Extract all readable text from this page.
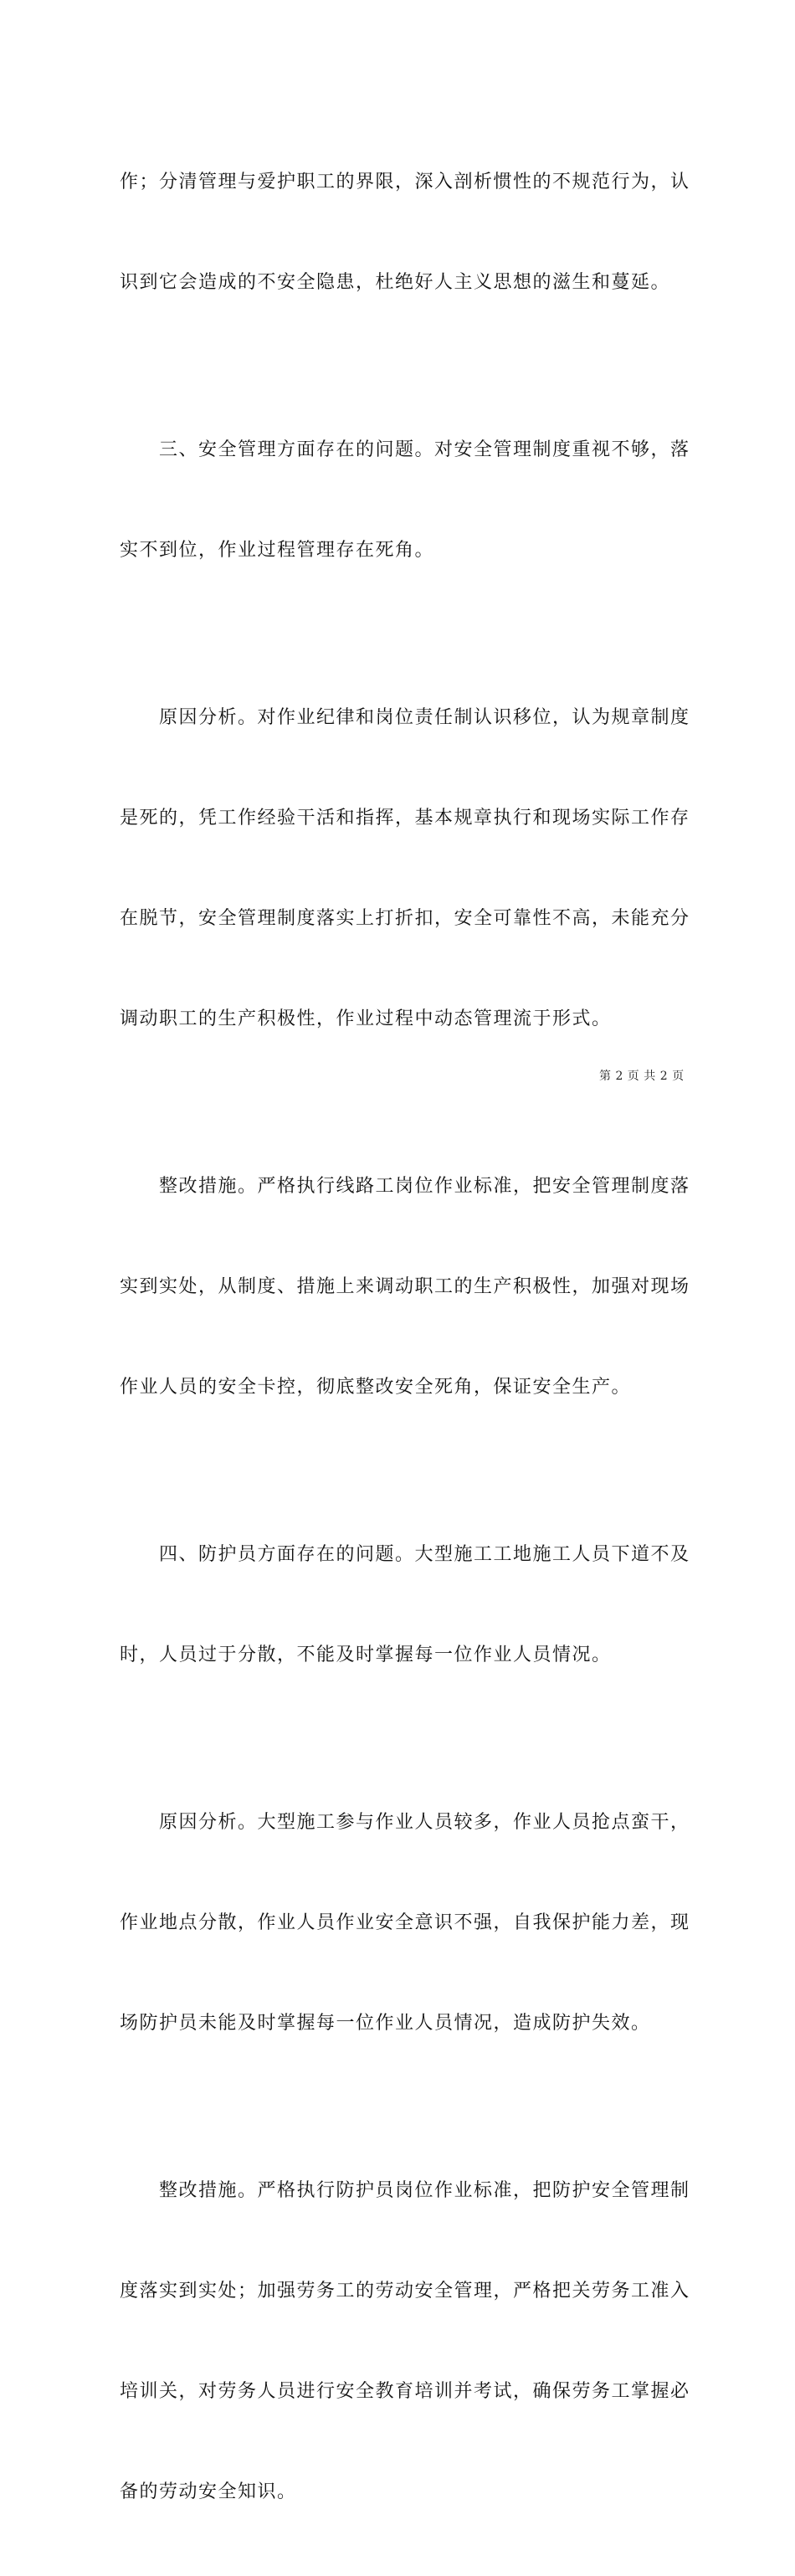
作；分清管理与爱护职工的界限，深入剖析惯性的不规范行为，认

识到它会造成的不安全隐患，杜绝好人主义思想的滋生和蔓延。

　　三、安全管理方面存在的问题。对安全管理制度重视不够，落

实不到位，作业过程管理存在死角。

　　原因分析。对作业纪律和岗位责任制认识移位，认为规章制度

是死的，凭工作经验干活和指挥，基本规章执行和现场实际工作存

在脱节，安全管理制度落实上打折扣，安全可靠性不高，未能充分

调动职工的生产积极性，作业过程中动态管理流于形式。

　　整改措施。严格执行线路工岗位作业标准，把安全管理制度落

实到实处，从制度、措施上来调动职工的生产积极性，加强对现场

作业人员的安全卡控，彻底整改安全死角，保证安全生产。

　　四、防护员方面存在的问题。大型施工工地施工人员下道不及

时，人员过于分散，不能及时掌握每一位作业人员情况。

　　原因分析。大型施工参与作业人员较多，作业人员抢点蛮干，

作业地点分散，作业人员作业安全意识不强，自我保护能力差，现

场防护员未能及时掌握每一位作业人员情况，造成防护失效。

　　整改措施。严格执行防护员岗位作业标准，把防护安全管理制

度落实到实处；加强劳务工的劳动安全管理，严格把关劳务工准入

培训关，对劳务人员进行安全教育培训并考试，确保劳务工掌握必

备的劳动安全知识。

第 2 页 共 2 页
